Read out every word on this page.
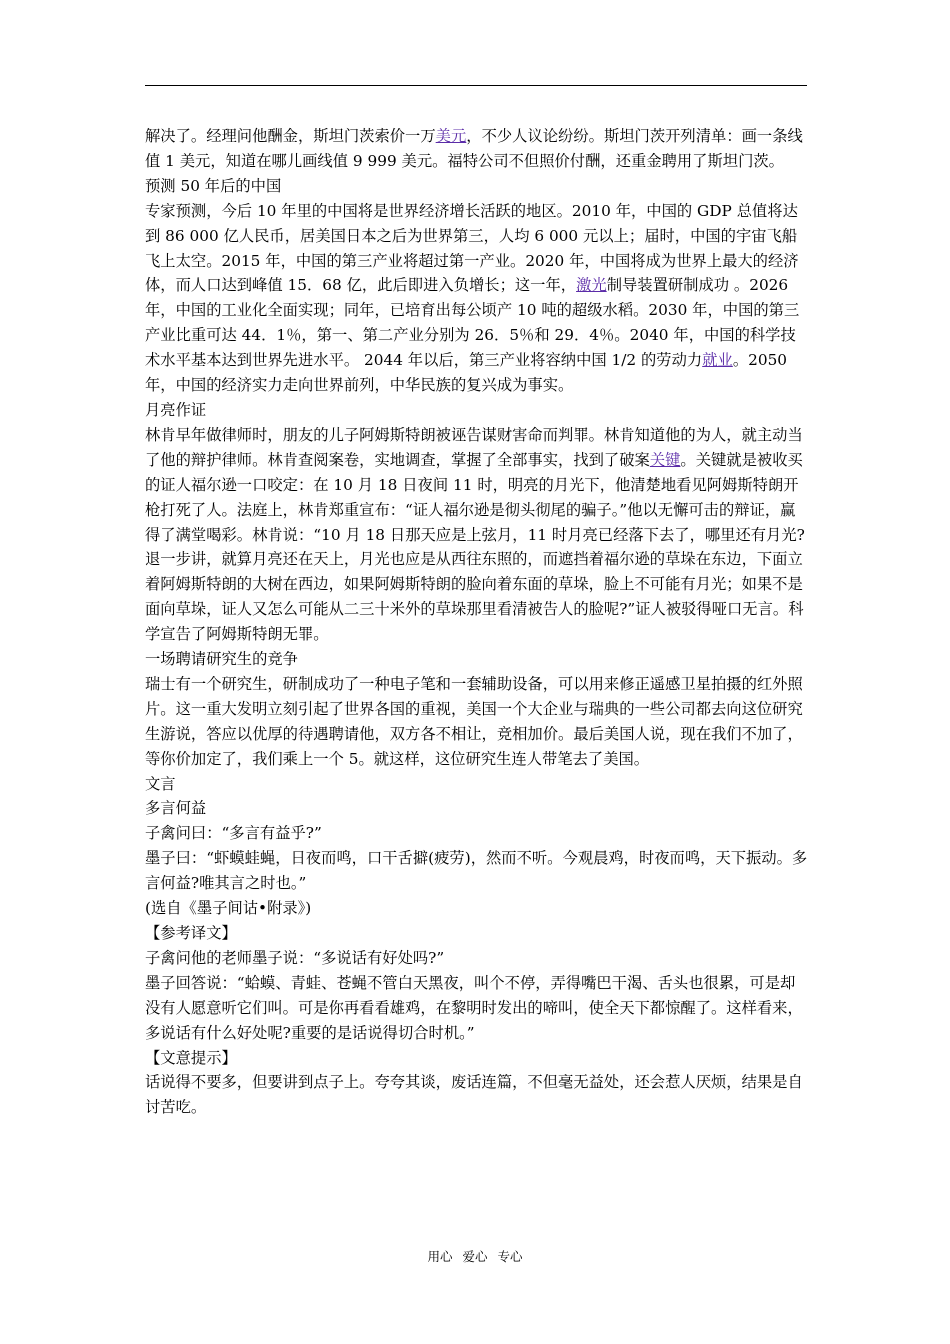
解决了。经理问他酬金，斯坦门茨索价一万美元，不少人议论纷纷。斯坦门茨开列清单：画一条线值 1 美元，知道在哪儿画线值 9 999 美元。福特公司不但照价付酬，还重金聘用了斯坦门茨。

预测 50 年后的中国

专家预测，今后 10 年里的中国将是世界经济增长活跃的地区。2010 年，中国的 GDP 总值将达到 86 000 亿人民币，居美国日本之后为世界第三，人均 6 000 元以上；届时，中国的宇宙飞船飞上太空。2015 年，中国的第三产业将超过第一产业。2020 年，中国将成为世界上最大的经济体，而人口达到峰值 15．68 亿，此后即进入负增长；这一年，激光制导装置研制成功 。2026 年，中国的工业化全面实现；同年，已培育出每公顷产 10 吨的超级水稻。2030 年，中国的第三产业比重可达 44．1％，第一、第二产业分别为 26．5％和 29．4％。2040 年，中国的科学技术水平基本达到世界先进水平。 2044 年以后，第三产业将容纳中国 1/2 的劳动力就业。2050 年，中国的经济实力走向世界前列，中华民族的复兴成为事实。

月亮作证

林肯早年做律师时，朋友的儿子阿姆斯特朗被诬告谋财害命而判罪。林肯知道他的为人，就主动当了他的辩护律师。林肯查阅案卷，实地调查，掌握了全部事实，找到了破案关键。关键就是被收买的证人福尔逊一口咬定：在 10 月 18 日夜间 11 时，明亮的月光下，他清楚地看见阿姆斯特朗开枪打死了人。法庭上，林肯郑重宣布：“证人福尔逊是彻头彻尾的骗子。”他以无懈可击的辩证，赢得了满堂喝彩。林肯说：“10 月 18 日那天应是上弦月，11 时月亮已经落下去了，哪里还有月光?退一步讲，就算月亮还在天上，月光也应是从西往东照的，而遮挡着福尔逊的草垛在东边，下面立着阿姆斯特朗的大树在西边，如果阿姆斯特朗的脸向着东面的草垛，脸上不可能有月光；如果不是面向草垛，证人又怎么可能从二三十米外的草垛那里看清被告人的脸呢?”证人被驳得哑口无言。科学宣告了阿姆斯特朗无罪。

一场聘请研究生的竞争

瑞士有一个研究生，研制成功了一种电子笔和一套辅助设备，可以用来修正遥感卫星拍摄的红外照片。这一重大发明立刻引起了世界各国的重视，美国一个大企业与瑞典的一些公司都去向这位研究生游说，答应以优厚的待遇聘请他，双方各不相让，竞相加价。最后美国人说，现在我们不加了，等你价加定了，我们乘上一个 5。就这样，这位研究生连人带笔去了美国。

文言

多言何益

子禽问曰：“多言有益乎?”

墨子曰：“虾蟆蛙蝇，日夜而鸣，口干舌擗(疲劳)，然而不听。今观晨鸡，时夜而鸣，天下振动。多言何益?唯其言之时也。”

(选自《墨子间诂•附录》)

【参考译文】

子禽问他的老师墨子说：“多说话有好处吗?”

墨子回答说：“蛤蟆、青蛙、苍蝇不管白天黑夜，叫个不停，弄得嘴巴干渴、舌头也很累，可是却没有人愿意听它们叫。可是你再看看雄鸡，在黎明时发出的啼叫，使全天下都惊醒了。这样看来，多说话有什么好处呢?重要的是话说得切合时机。”

【文意提示】

话说得不要多，但要讲到点子上。夸夸其谈，废话连篇，不但毫无益处，还会惹人厌烦，结果是自讨苦吃。

用心 爱心 专心
